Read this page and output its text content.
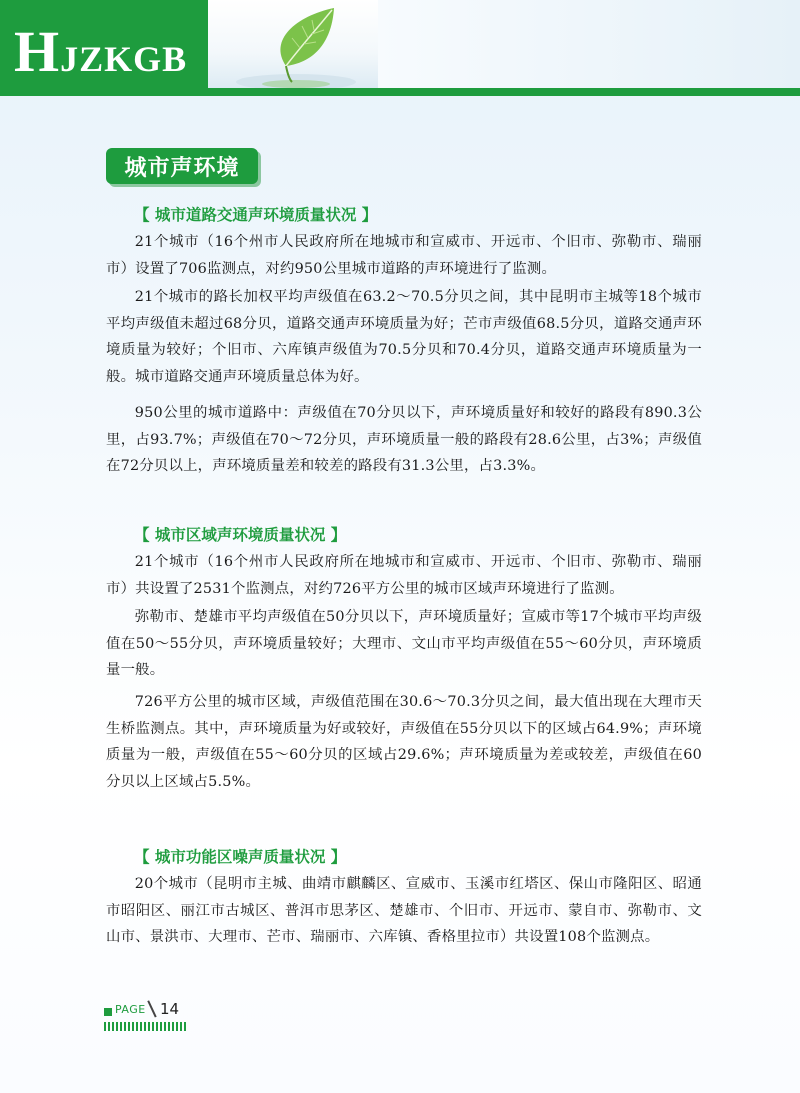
HJZKGB
城市声环境
【 城市道路交通声环境质量状况 】

21个城市（16个州市人民政府所在地城市和宣威市、开远市、个旧市、弥勒市、瑞丽市）设置了706监测点，对约950公里城市道路的声环境进行了监测。

21个城市的路长加权平均声级值在63.2～70.5分贝之间，其中昆明市主城等18个城市平均声级值未超过68分贝，道路交通声环境质量为好；芒市声级值68.5分贝，道路交通声环境质量为较好；个旧市、六库镇声级值为70.5分贝和70.4分贝，道路交通声环境质量为一般。城市道路交通声环境质量总体为好。

950公里的城市道路中：声级值在70分贝以下，声环境质量好和较好的路段有890.3公里，占93.7%；声级值在70～72分贝，声环境质量一般的路段有28.6公里，占3%；声级值在72分贝以上，声环境质量差和较差的路段有31.3公里，占3.3%。

【 城市区域声环境质量状况 】

21个城市（16个州市人民政府所在地城市和宣威市、开远市、个旧市、弥勒市、瑞丽市）共设置了2531个监测点，对约726平方公里的城市区域声环境进行了监测。

弥勒市、楚雄市平均声级值在50分贝以下，声环境质量好；宣威市等17个城市平均声级值在50～55分贝，声环境质量较好；大理市、文山市平均声级值在55～60分贝，声环境质量一般。

726平方公里的城市区域，声级值范围在30.6～70.3分贝之间，最大值出现在大理市天生桥监测点。其中，声环境质量为好或较好，声级值在55分贝以下的区域占64.9%；声环境质量为一般，声级值在55～60分贝的区域占29.6%；声环境质量为差或较差，声级值在60分贝以上区域占5.5%。

【 城市功能区噪声质量状况 】

20个城市（昆明市主城、曲靖市麒麟区、宣威市、玉溪市红塔区、保山市隆阳区、昭通市昭阳区、丽江市古城区、普洱市思茅区、楚雄市、个旧市、开远市、蒙自市、弥勒市、文山市、景洪市、大理市、芒市、瑞丽市、六库镇、香格里拉市）共设置108个监测点。

PAGE 14
